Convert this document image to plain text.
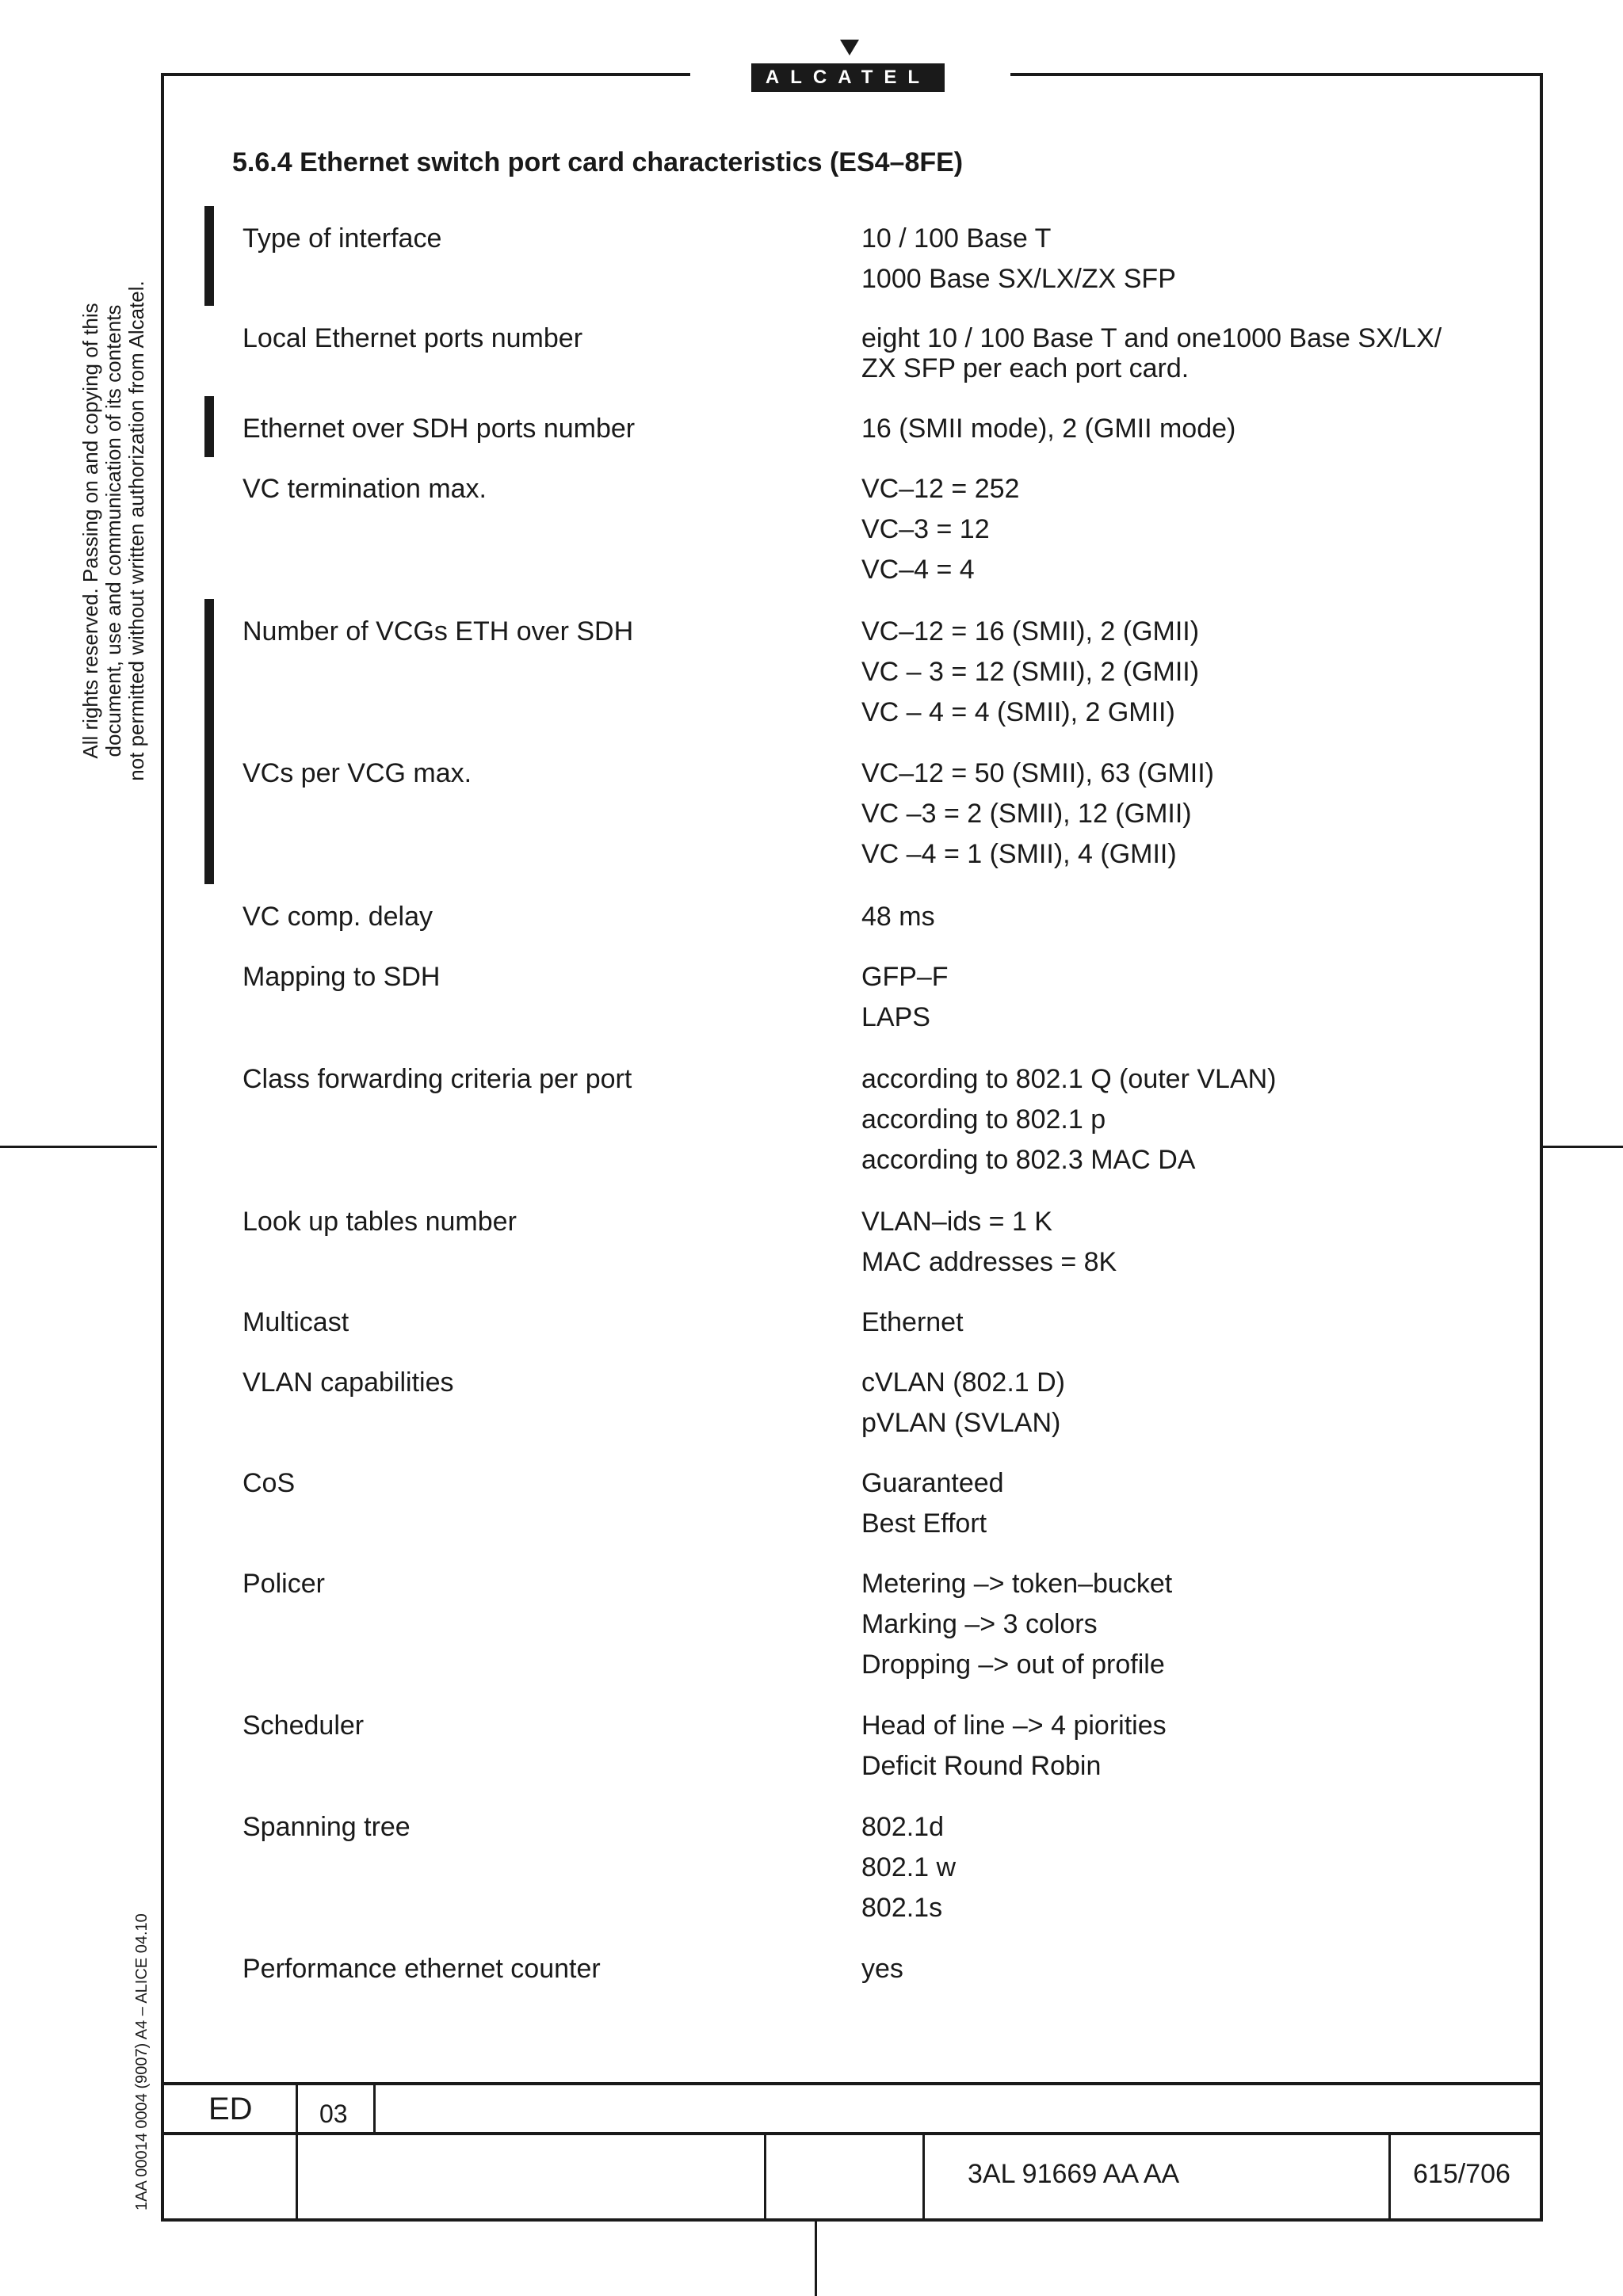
ALCATEL
All rights reserved. Passing on and copying of this document, use and communication of its contents not permitted without written authorization from Alcatel.
1AA 00014 0004 (9007) A4 – ALICE 04.10
5.6.4 Ethernet switch port card characteristics (ES4–8FE)
Type of interface	10 / 100 Base T
1000 Base SX/LX/ZX SFP
Local Ethernet ports number	eight 10 / 100 Base T and one1000 Base SX/LX/
ZX SFP per each port card.
Ethernet over SDH ports number	16 (SMII mode), 2 (GMII mode)
VC termination max.	VC–12 = 252
VC–3 = 12
VC–4 = 4
Number of VCGs ETH over SDH	VC–12 = 16 (SMII), 2 (GMII)
VC – 3 = 12 (SMII), 2 (GMII)
VC – 4 = 4 (SMII), 2 GMII)
VCs per VCG max.	VC–12 = 50 (SMII), 63 (GMII)
VC –3 = 2 (SMII), 12 (GMII)
VC –4 = 1 (SMII), 4 (GMII)
VC comp. delay	48 ms
Mapping to SDH	GFP–F
LAPS
Class forwarding criteria per port	according to 802.1 Q (outer VLAN)
according to 802.1 p
according to 802.3 MAC DA
Look up tables number	VLAN–ids = 1 K
MAC addresses = 8K
Multicast	Ethernet
VLAN capabilities	cVLAN (802.1 D)
pVLAN (SVLAN)
CoS	Guaranteed
Best Effort
Policer	Metering –> token–bucket
Marking –> 3 colors
Dropping –> out of profile
Scheduler	Head of line –> 4 piorities
Deficit Round Robin
Spanning tree	802.1d
802.1 w
802.1s
Performance ethernet counter	yes
ED	03
3AL 91669 AA AA	615/706
